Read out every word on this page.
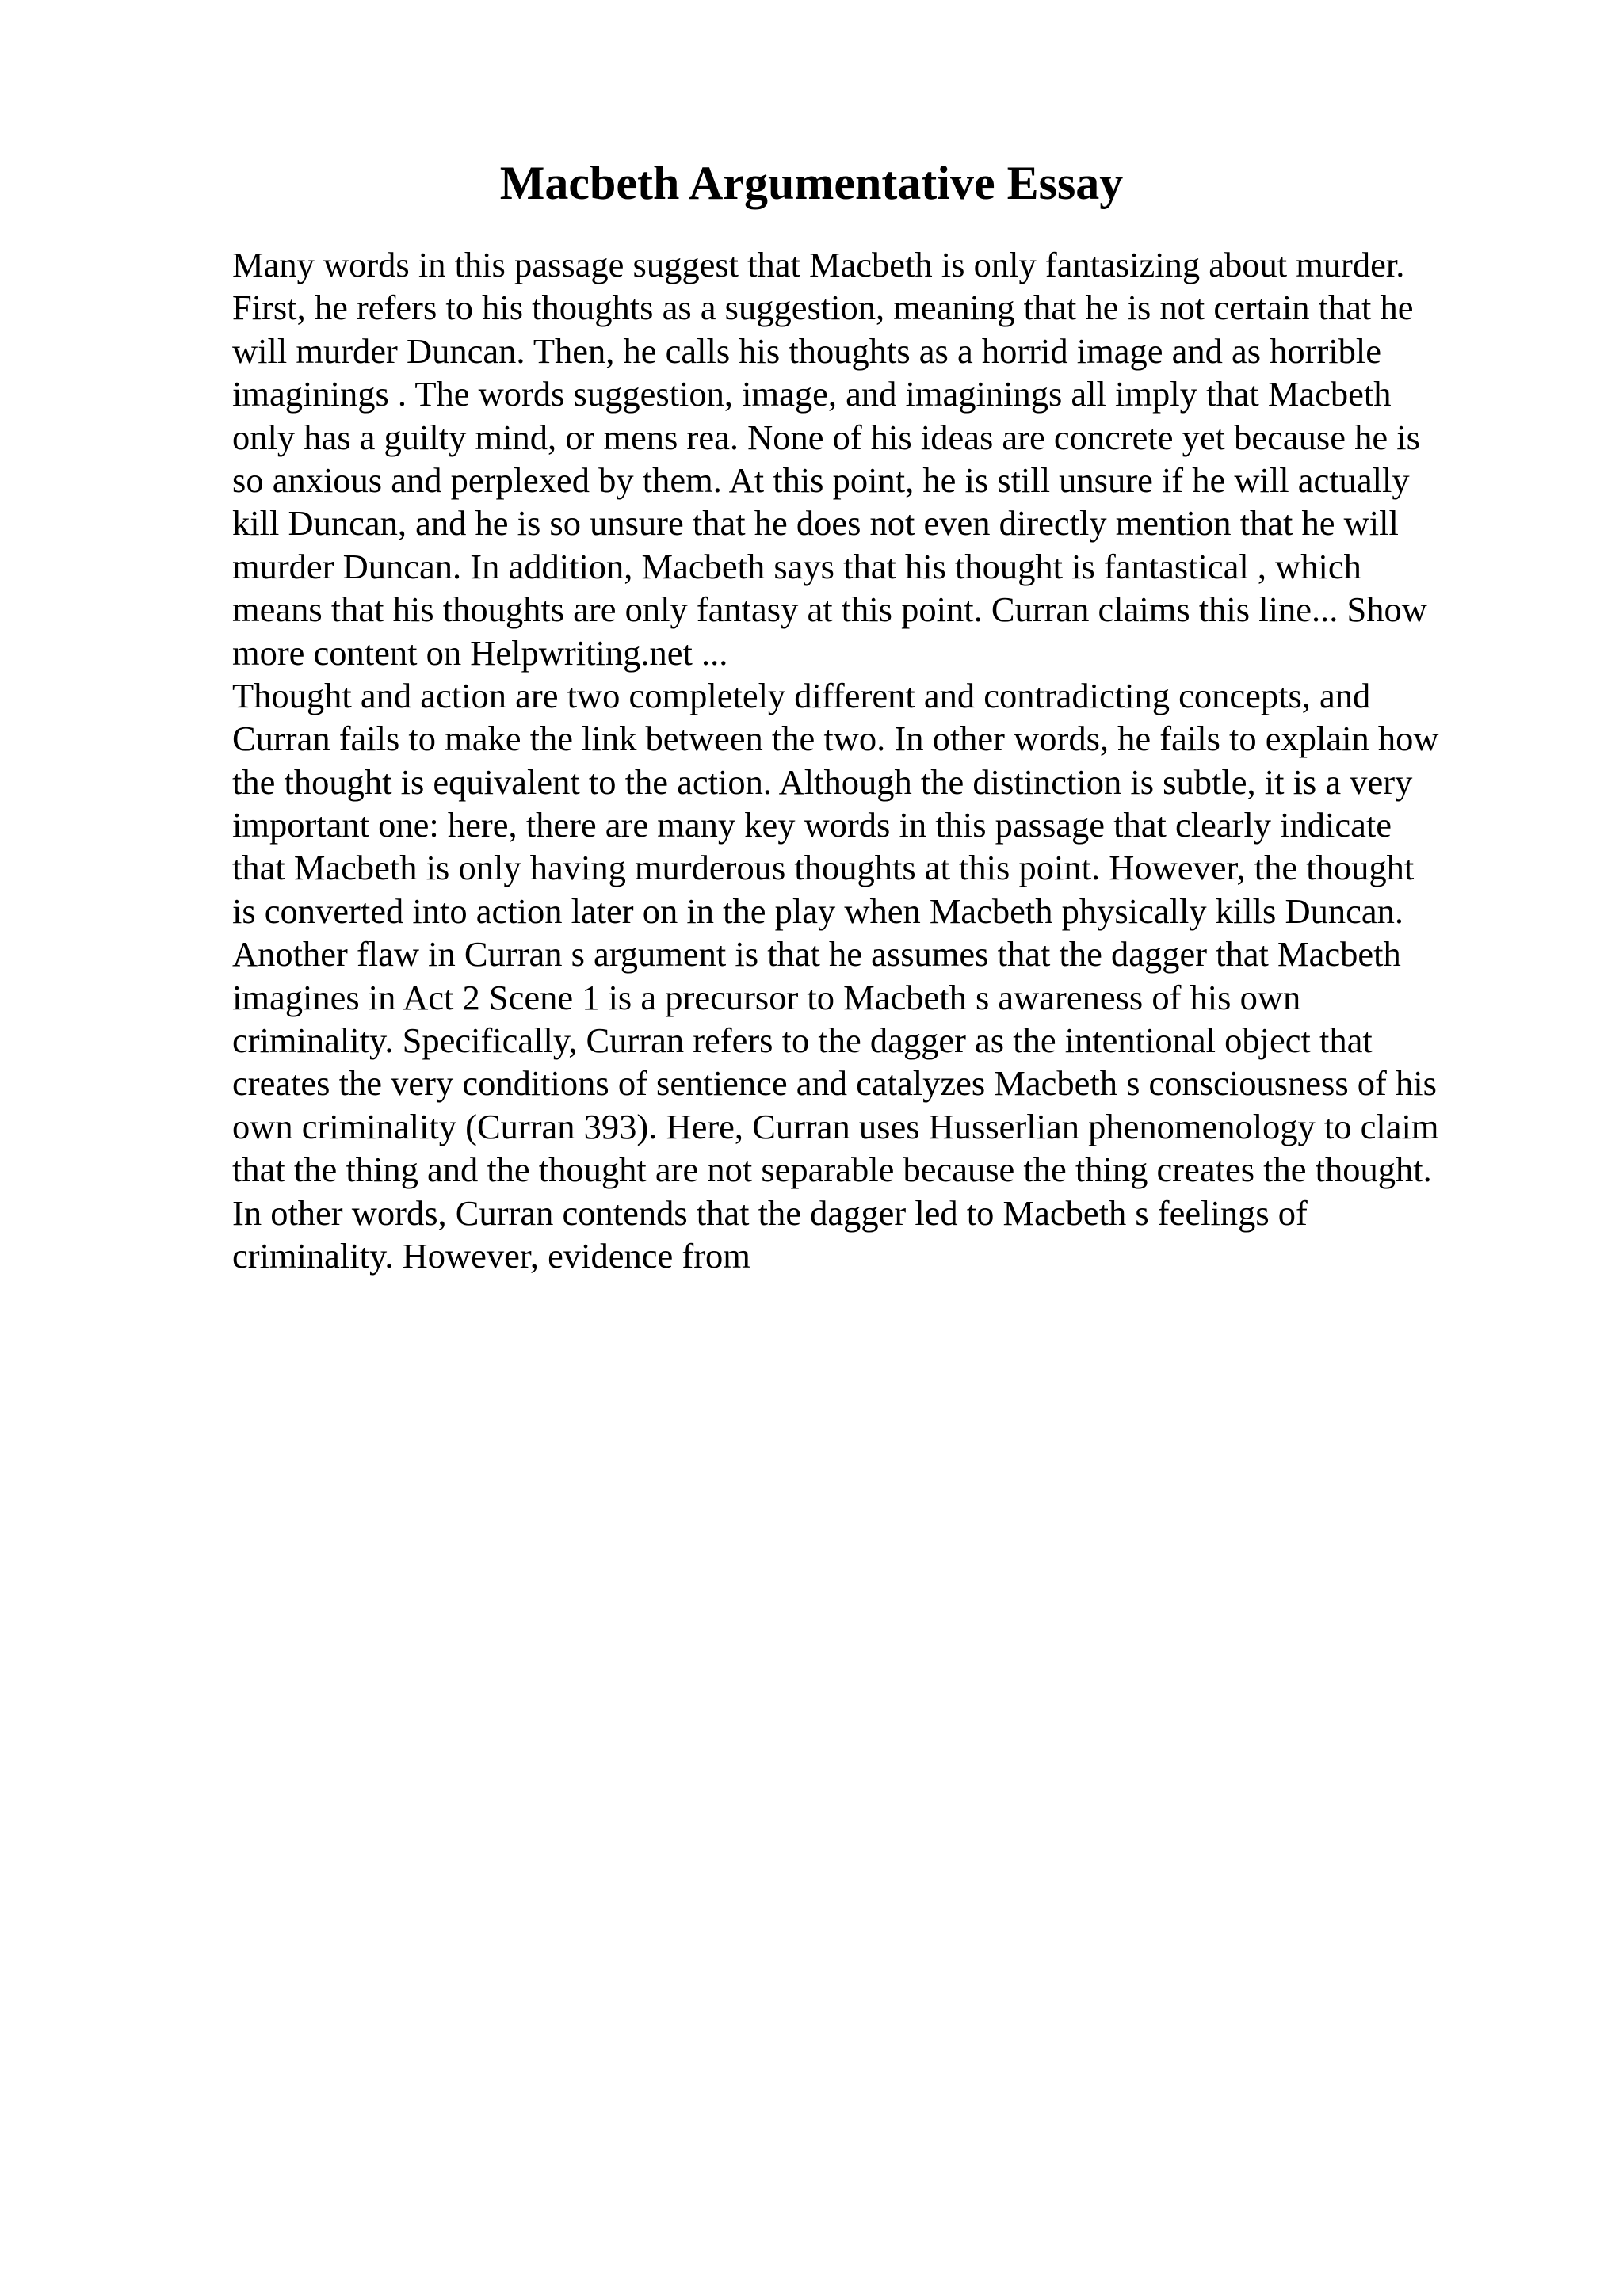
Macbeth Argumentative Essay
Many words in this passage suggest that Macbeth is only fantasizing about murder.
First, he refers to his thoughts as a suggestion, meaning that he is not certain that he
will murder Duncan. Then, he calls his thoughts as a horrid image and as horrible
imaginings . The words suggestion, image, and imaginings all imply that Macbeth
only has a guilty mind, or mens rea. None of his ideas are concrete yet because he is
so anxious and perplexed by them. At this point, he is still unsure if he will actually
kill Duncan, and he is so unsure that he does not even directly mention that he will
murder Duncan. In addition, Macbeth says that his thought is fantastical , which
means that his thoughts are only fantasy at this point. Curran claims this line... Show
more content on Helpwriting.net ...
Thought and action are two completely different and contradicting concepts, and
Curran fails to make the link between the two. In other words, he fails to explain how
the thought is equivalent to the action. Although the distinction is subtle, it is a very
important one: here, there are many key words in this passage that clearly indicate
that Macbeth is only having murderous thoughts at this point. However, the thought
is converted into action later on in the play when Macbeth physically kills Duncan.
Another flaw in Curran s argument is that he assumes that the dagger that Macbeth
imagines in Act 2 Scene 1 is a precursor to Macbeth s awareness of his own
criminality. Specifically, Curran refers to the dagger as the intentional object that
creates the very conditions of sentience and catalyzes Macbeth s consciousness of his
own criminality (Curran 393). Here, Curran uses Husserlian phenomenology to claim
that the thing and the thought are not separable because the thing creates the thought.
In other words, Curran contends that the dagger led to Macbeth s feelings of
criminality. However, evidence from
